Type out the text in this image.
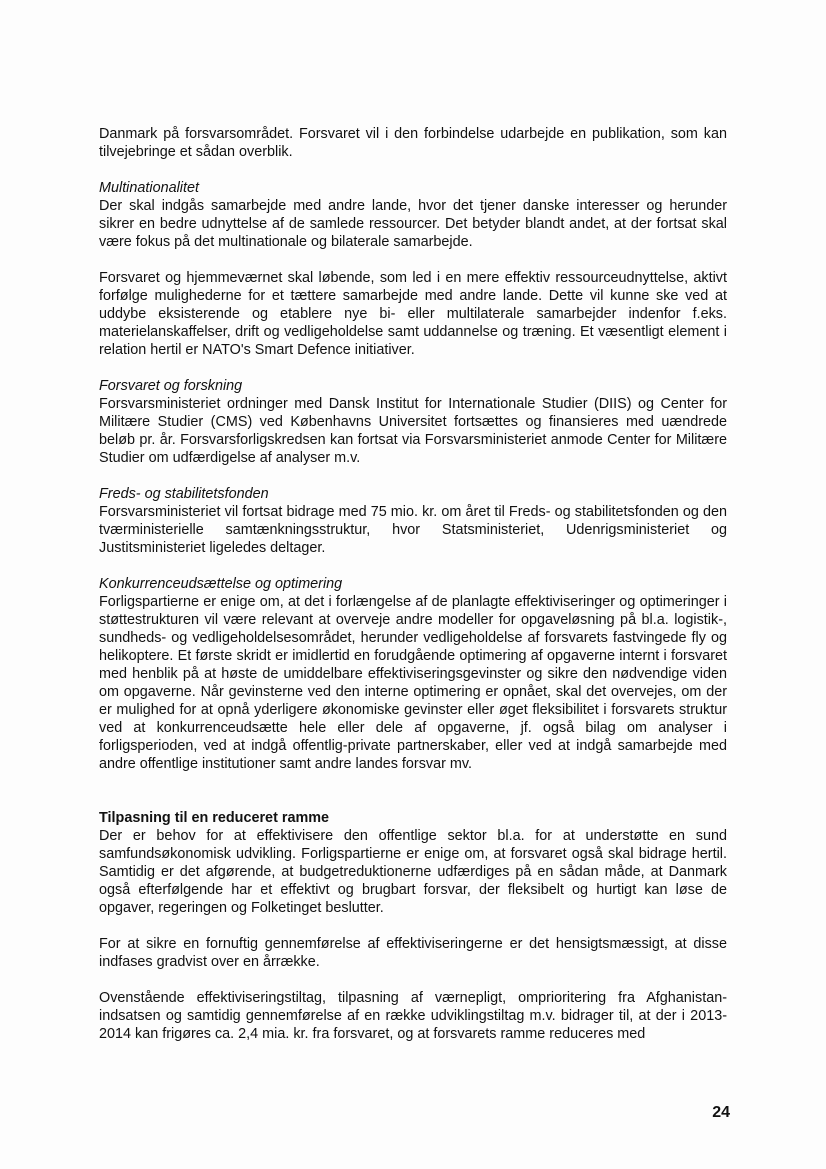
Danmark på forsvarsområdet. Forsvaret vil i den forbindelse udarbejde en publikation, som kan tilvejebringe et sådan overblik.

Multinationalitet

Der skal indgås samarbejde med andre lande, hvor det tjener danske interesser og herunder sikrer en bedre udnyttelse af de samlede ressourcer. Det betyder blandt andet, at der fortsat skal være fokus på det multinationale og bilaterale samarbejde.

Forsvaret og hjemmeværnet skal løbende, som led i en mere effektiv ressourceudnyttelse, aktivt forfølge mulighederne for et tættere samarbejde med andre lande. Dette vil kunne ske ved at uddybe eksisterende og etablere nye bi- eller multilaterale samarbejder indenfor f.eks. materielanskaffelser, drift og vedligeholdelse samt uddannelse og træning. Et væsentligt element i relation hertil er NATO's Smart Defence initiativer.

Forsvaret og forskning

Forsvarsministeriet ordninger med Dansk Institut for Internationale Studier (DIIS) og Center for Militære Studier (CMS) ved Københavns Universitet fortsættes og finansieres med uændrede beløb pr. år. Forsvarsforligskredsen kan fortsat via Forsvarsministeriet anmode Center for Militære Studier om udfærdigelse af analyser m.v.

Freds- og stabilitetsfonden

Forsvarsministeriet vil fortsat bidrage med 75 mio. kr. om året til Freds- og stabilitetsfonden og den tværministerielle samtænkningsstruktur, hvor Statsministeriet, Udenrigsministeriet og Justitsministeriet ligeledes deltager.

Konkurrenceudsættelse og optimering

Forligspartierne er enige om, at det i forlængelse af de planlagte effektiviseringer og optimeringer i støttestrukturen vil være relevant at overveje andre modeller for opgaveløsning på bl.a. logistik-, sundheds- og vedligeholdelsesområdet, herunder vedligeholdelse af forsvarets fastvingede fly og helikoptere. Et første skridt er imidlertid en forudgående optimering af opgaverne internt i forsvaret med henblik på at høste de umiddelbare effektiviseringsgevinster og sikre den nødvendige viden om opgaverne. Når gevinsterne ved den interne optimering er opnået, skal det overvejes, om der er mulighed for at opnå yderligere økonomiske gevinster eller øget fleksibilitet i forsvarets struktur ved at konkurrenceudsætte hele eller dele af opgaverne, jf. også bilag om analyser i forligsperioden, ved at indgå offentlig-private partnerskaber, eller ved at indgå samarbejde med andre offentlige institutioner samt andre landes forsvar mv.

Tilpasning til en reduceret ramme

Der er behov for at effektivisere den offentlige sektor bl.a. for at understøtte en sund samfundsøkonomisk udvikling. Forligspartierne er enige om, at forsvaret også skal bidrage hertil. Samtidig er det afgørende, at budgetreduktionerne udfærdiges på en sådan måde, at Danmark også efterfølgende har et effektivt og brugbart forsvar, der fleksibelt og hurtigt kan løse de opgaver, regeringen og Folketinget beslutter.

For at sikre en fornuftig gennemførelse af effektiviseringerne er det hensigtsmæssigt, at disse indfases gradvist over en årrække.

Ovenstående effektiviseringstiltag, tilpasning af værnepligt, omprioritering fra Afghanistan-indsatsen og samtidig gennemførelse af en række udviklingstiltag m.v. bidrager til, at der i 2013-2014 kan frigøres ca. 2,4 mia. kr. fra forsvaret, og at forsvarets ramme reduceres med

24
